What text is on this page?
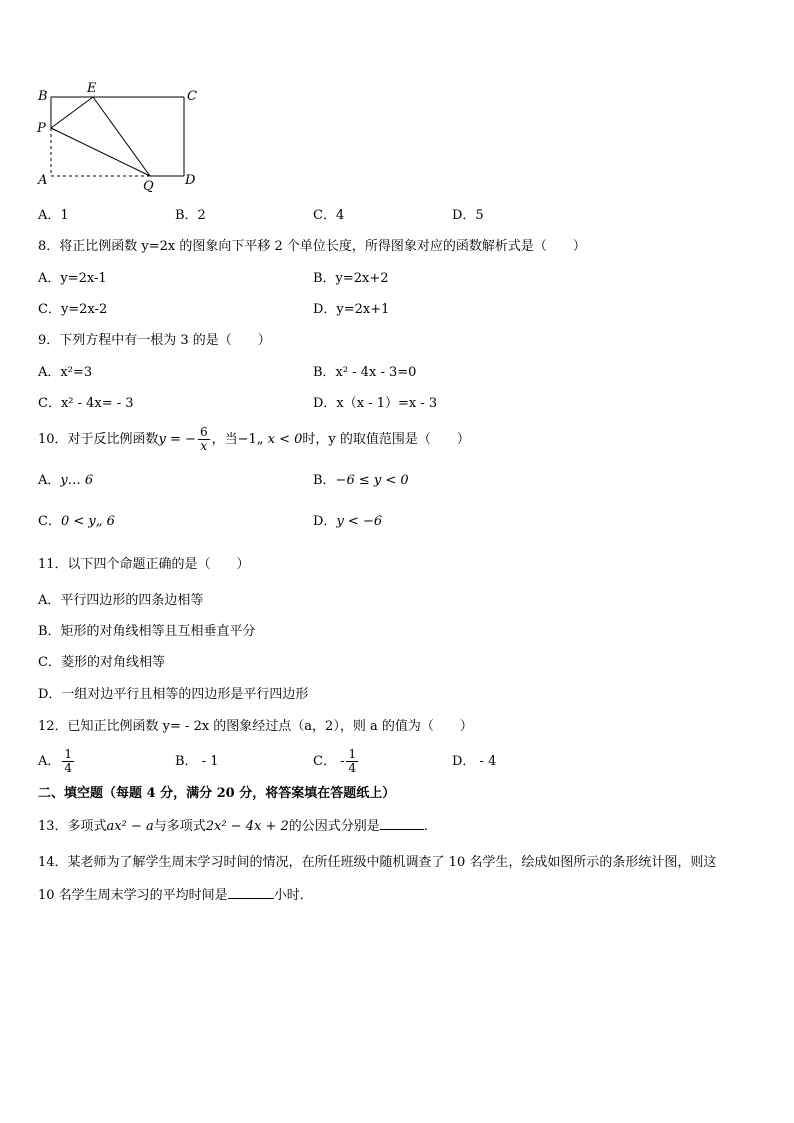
B
E
C
P
A	Q D
A．1	B．2	C．4	D．5
8．将正比例函数 y=2x 的图象向下平移 2 个单位长度，所得图象对应的函数解析式是（　　）
A．y=2x-1	B．y=2x+2
C．y=2x-2	D．y=2x+1
9．下列方程中有一根为 3 的是（　　）
A．x²=3	B．x² - 4x - 3=0
C．x² - 4x= - 3	D．x（x - 1）=x - 3
10．对于反比例函数y = − $\frac{6}{x}$ ，当−1„ x < 0时，y 的取值范围是（　　）
A．y… 6	B．−6 ≤ y < 0
C．0 < y„ 6	D．y < −6
11．以下四个命题正确的是（　　）
A．平行四边形的四条边相等
B．矩形的对角线相等且互相垂直平分
C．菱形的对角线相等
D．一组对边平行且相等的四边形是平行四边形
12．已知正比例函数 y= - 2x 的图象经过点（a，2），则 a 的值为（　　）
A． $\frac{1}{4}$	B． - 1	C． - $\frac{1}{4}$	D． - 4
二、填空题（每题 4 分，满分 20 分，将答案填在答题纸上）
13．多项式ax² − a与多项式2x² − 4x + 2的公因式分别是	.
14．某老师为了解学生周末学习时间的情况，在所任班级中随机调查了 10 名学生，绘成如图所示的条形统计图，则这
10 名学生周末学习的平均时间是	小时．
